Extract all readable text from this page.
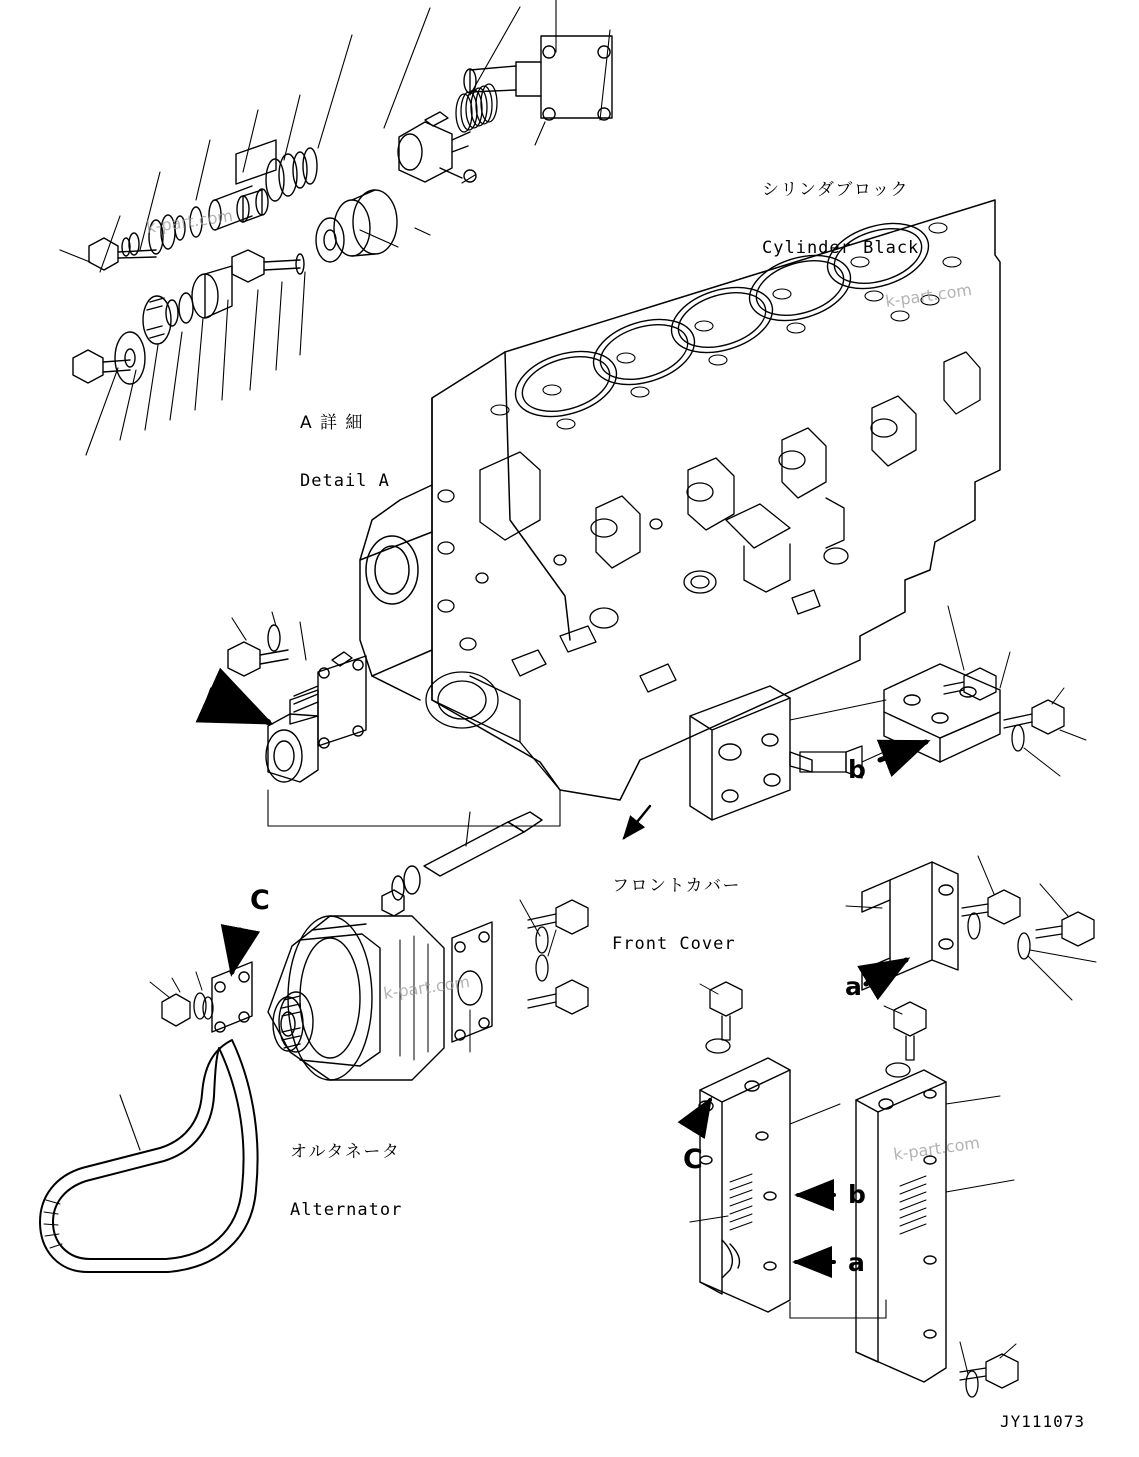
シリンダブロック

Cylinder Black

A 詳 細

Detail A

フロントカバー

Front Cover

オルタネータ

Alternator

A
C
b
a
C
b
a
JY111073
k-part.com
k-part.com
k-part.com
k-part.com
